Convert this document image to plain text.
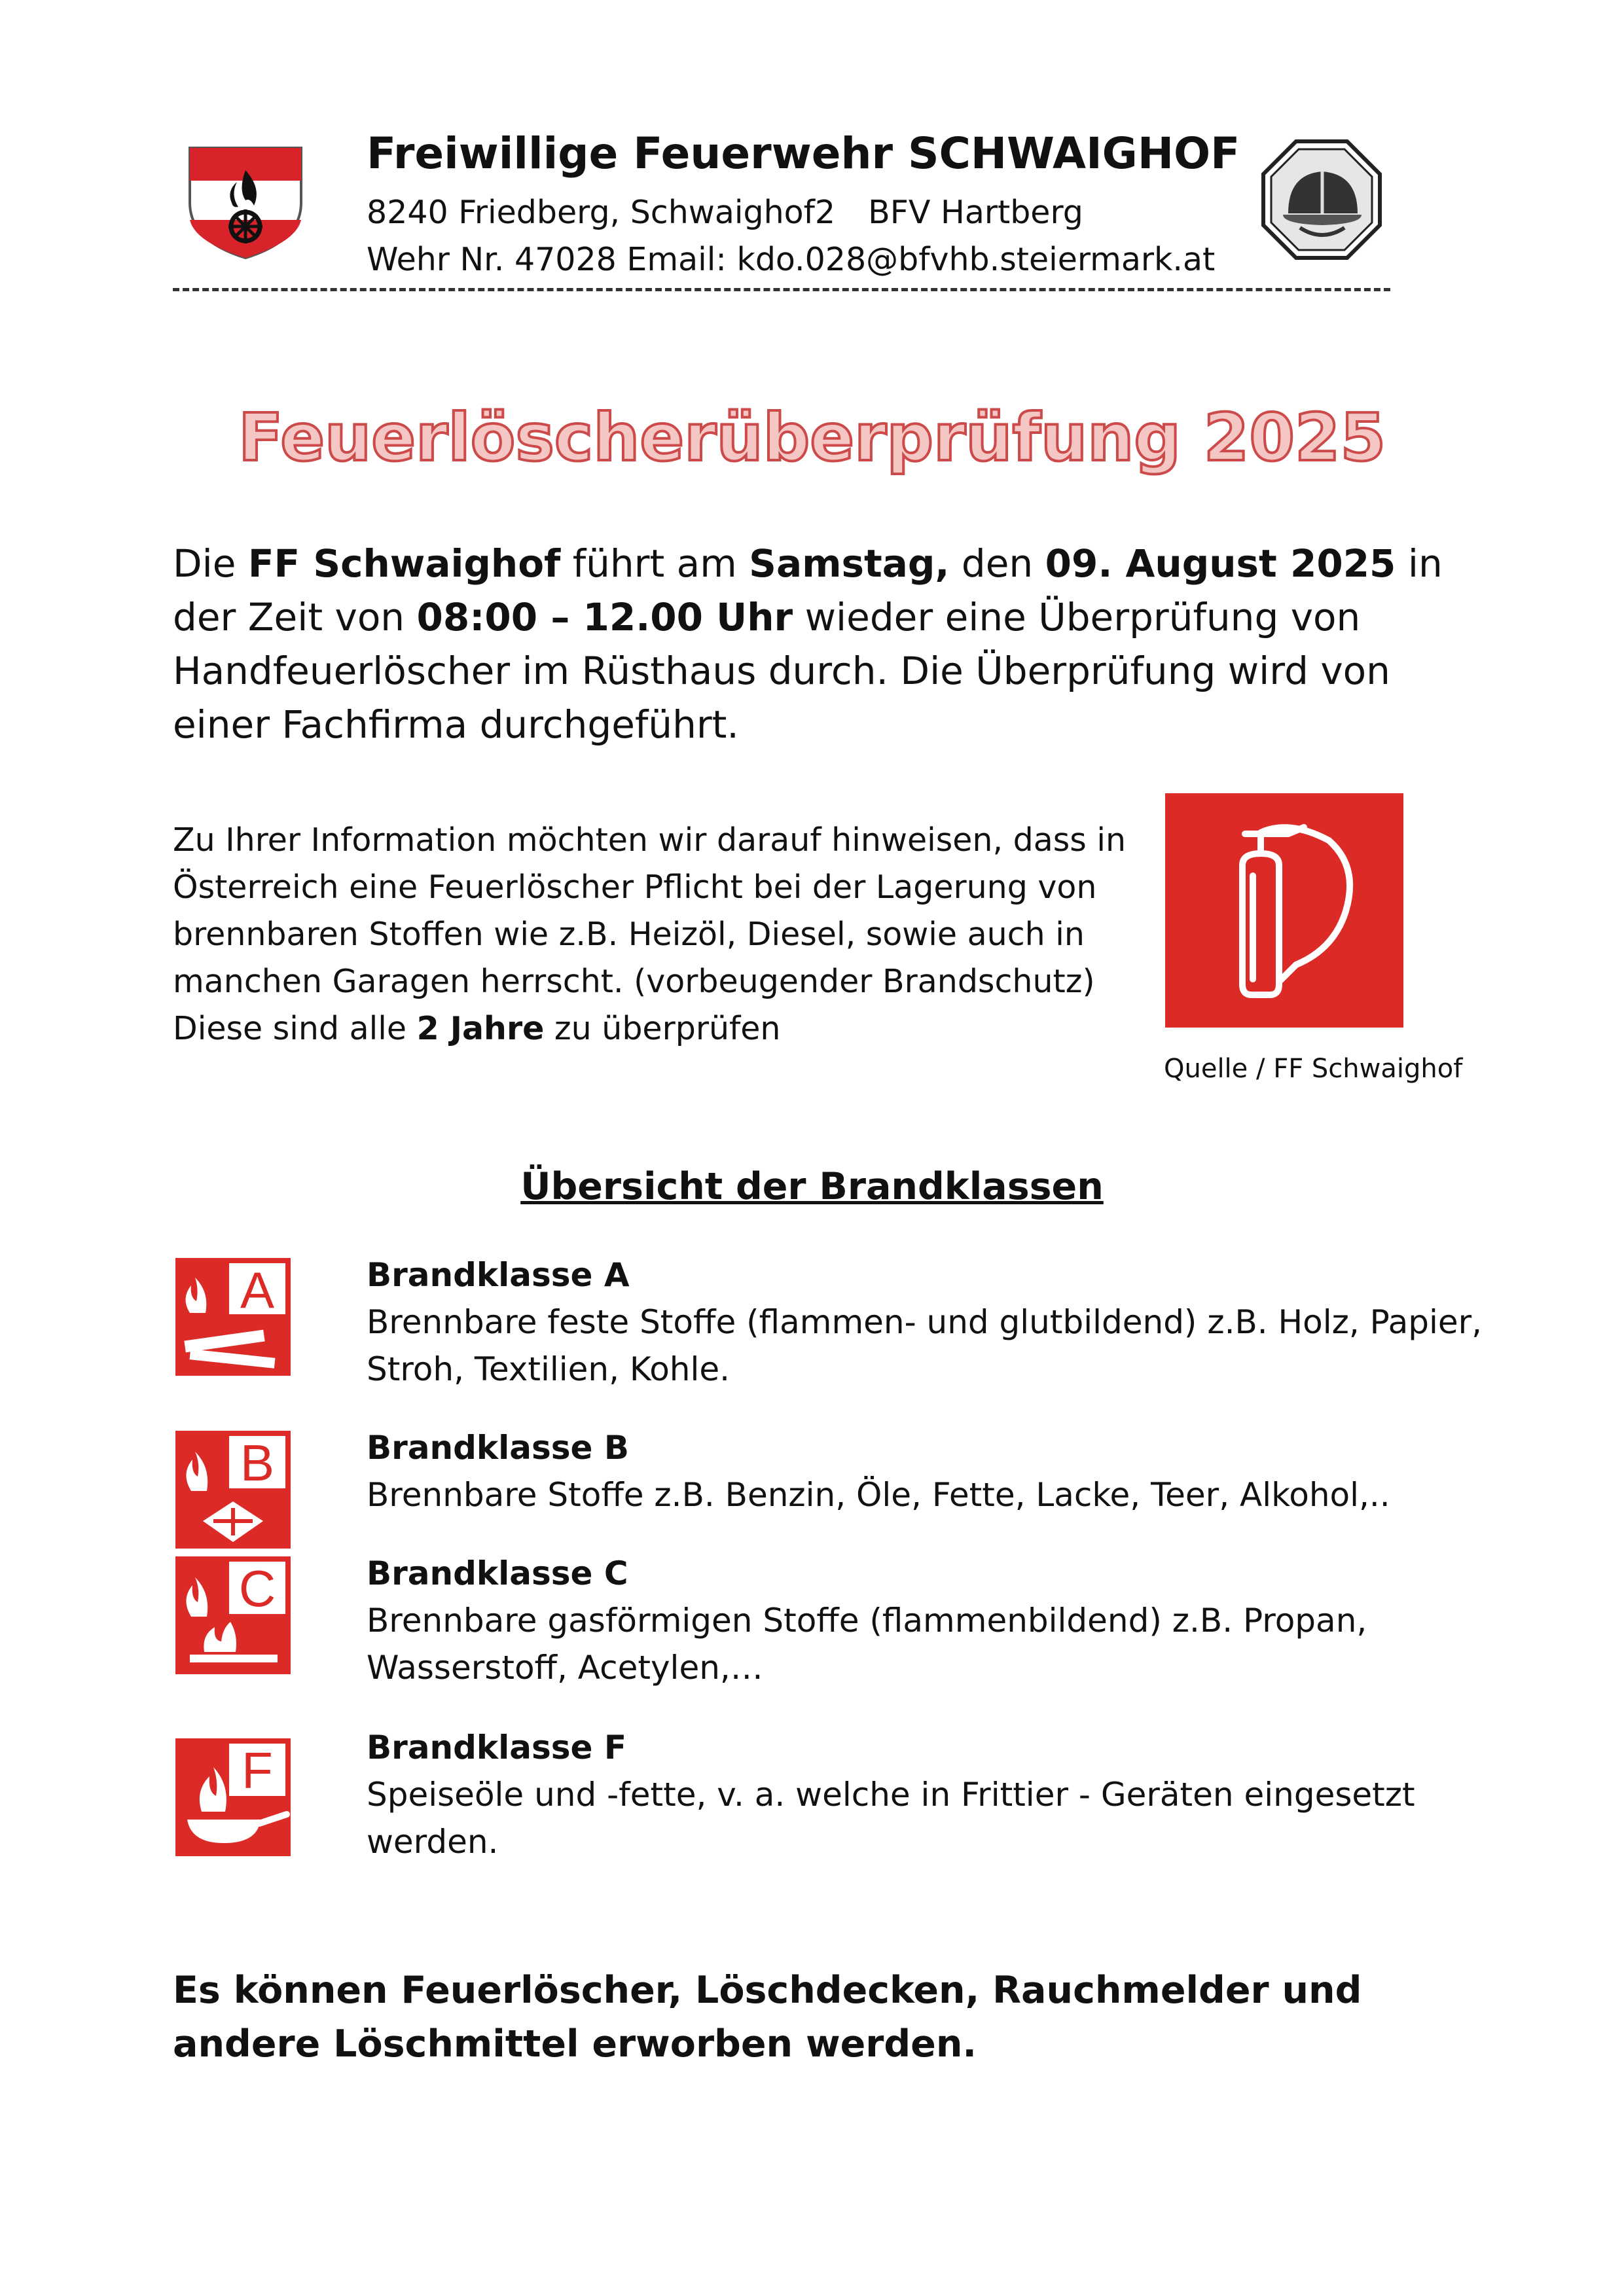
Freiwillige Feuerwehr SCHWAIGHOF
8240 Friedberg, Schwaighof2 BFV Hartberg
Wehr Nr. 47028 Email: kdo.028@bfvhb.steiermark.at
Feuerlöscherüberprüfung 2025
Die FF Schwaighof führt am Samstag, den 09. August 2025 in der Zeit von 08:00 – 12.00 Uhr wieder eine Überprüfung von Handfeuerlöscher im Rüsthaus durch. Die Überprüfung wird von einer Fachfirma durchgeführt.
Zu Ihrer Information möchten wir darauf hinweisen, dass in Österreich eine Feuerlöscher Pflicht bei der Lagerung von brennbaren Stoffen wie z.B. Heizöl, Diesel, sowie auch in manchen Garagen herrscht. (vorbeugender Brandschutz) Diese sind alle 2 Jahre zu überprüfen
Quelle / FF Schwaighof
Übersicht der Brandklassen
A	Brandklasse A
Brennbare feste Stoffe (flammen- und glutbildend) z.B. Holz, Papier, Stroh, Textilien, Kohle.
B	Brandklasse B
Brennbare Stoffe z.B. Benzin, Öle, Fette, Lacke, Teer, Alkohol,..
C	Brandklasse C
Brennbare gasförmigen Stoffe (flammenbildend) z.B. Propan, Wasserstoff, Acetylen,…
F	Brandklasse F
Speiseöle und -fette, v. a. welche in Frittier - Geräten eingesetzt werden.
Es können Feuerlöscher, Löschdecken, Rauchmelder und andere Löschmittel erworben werden.
